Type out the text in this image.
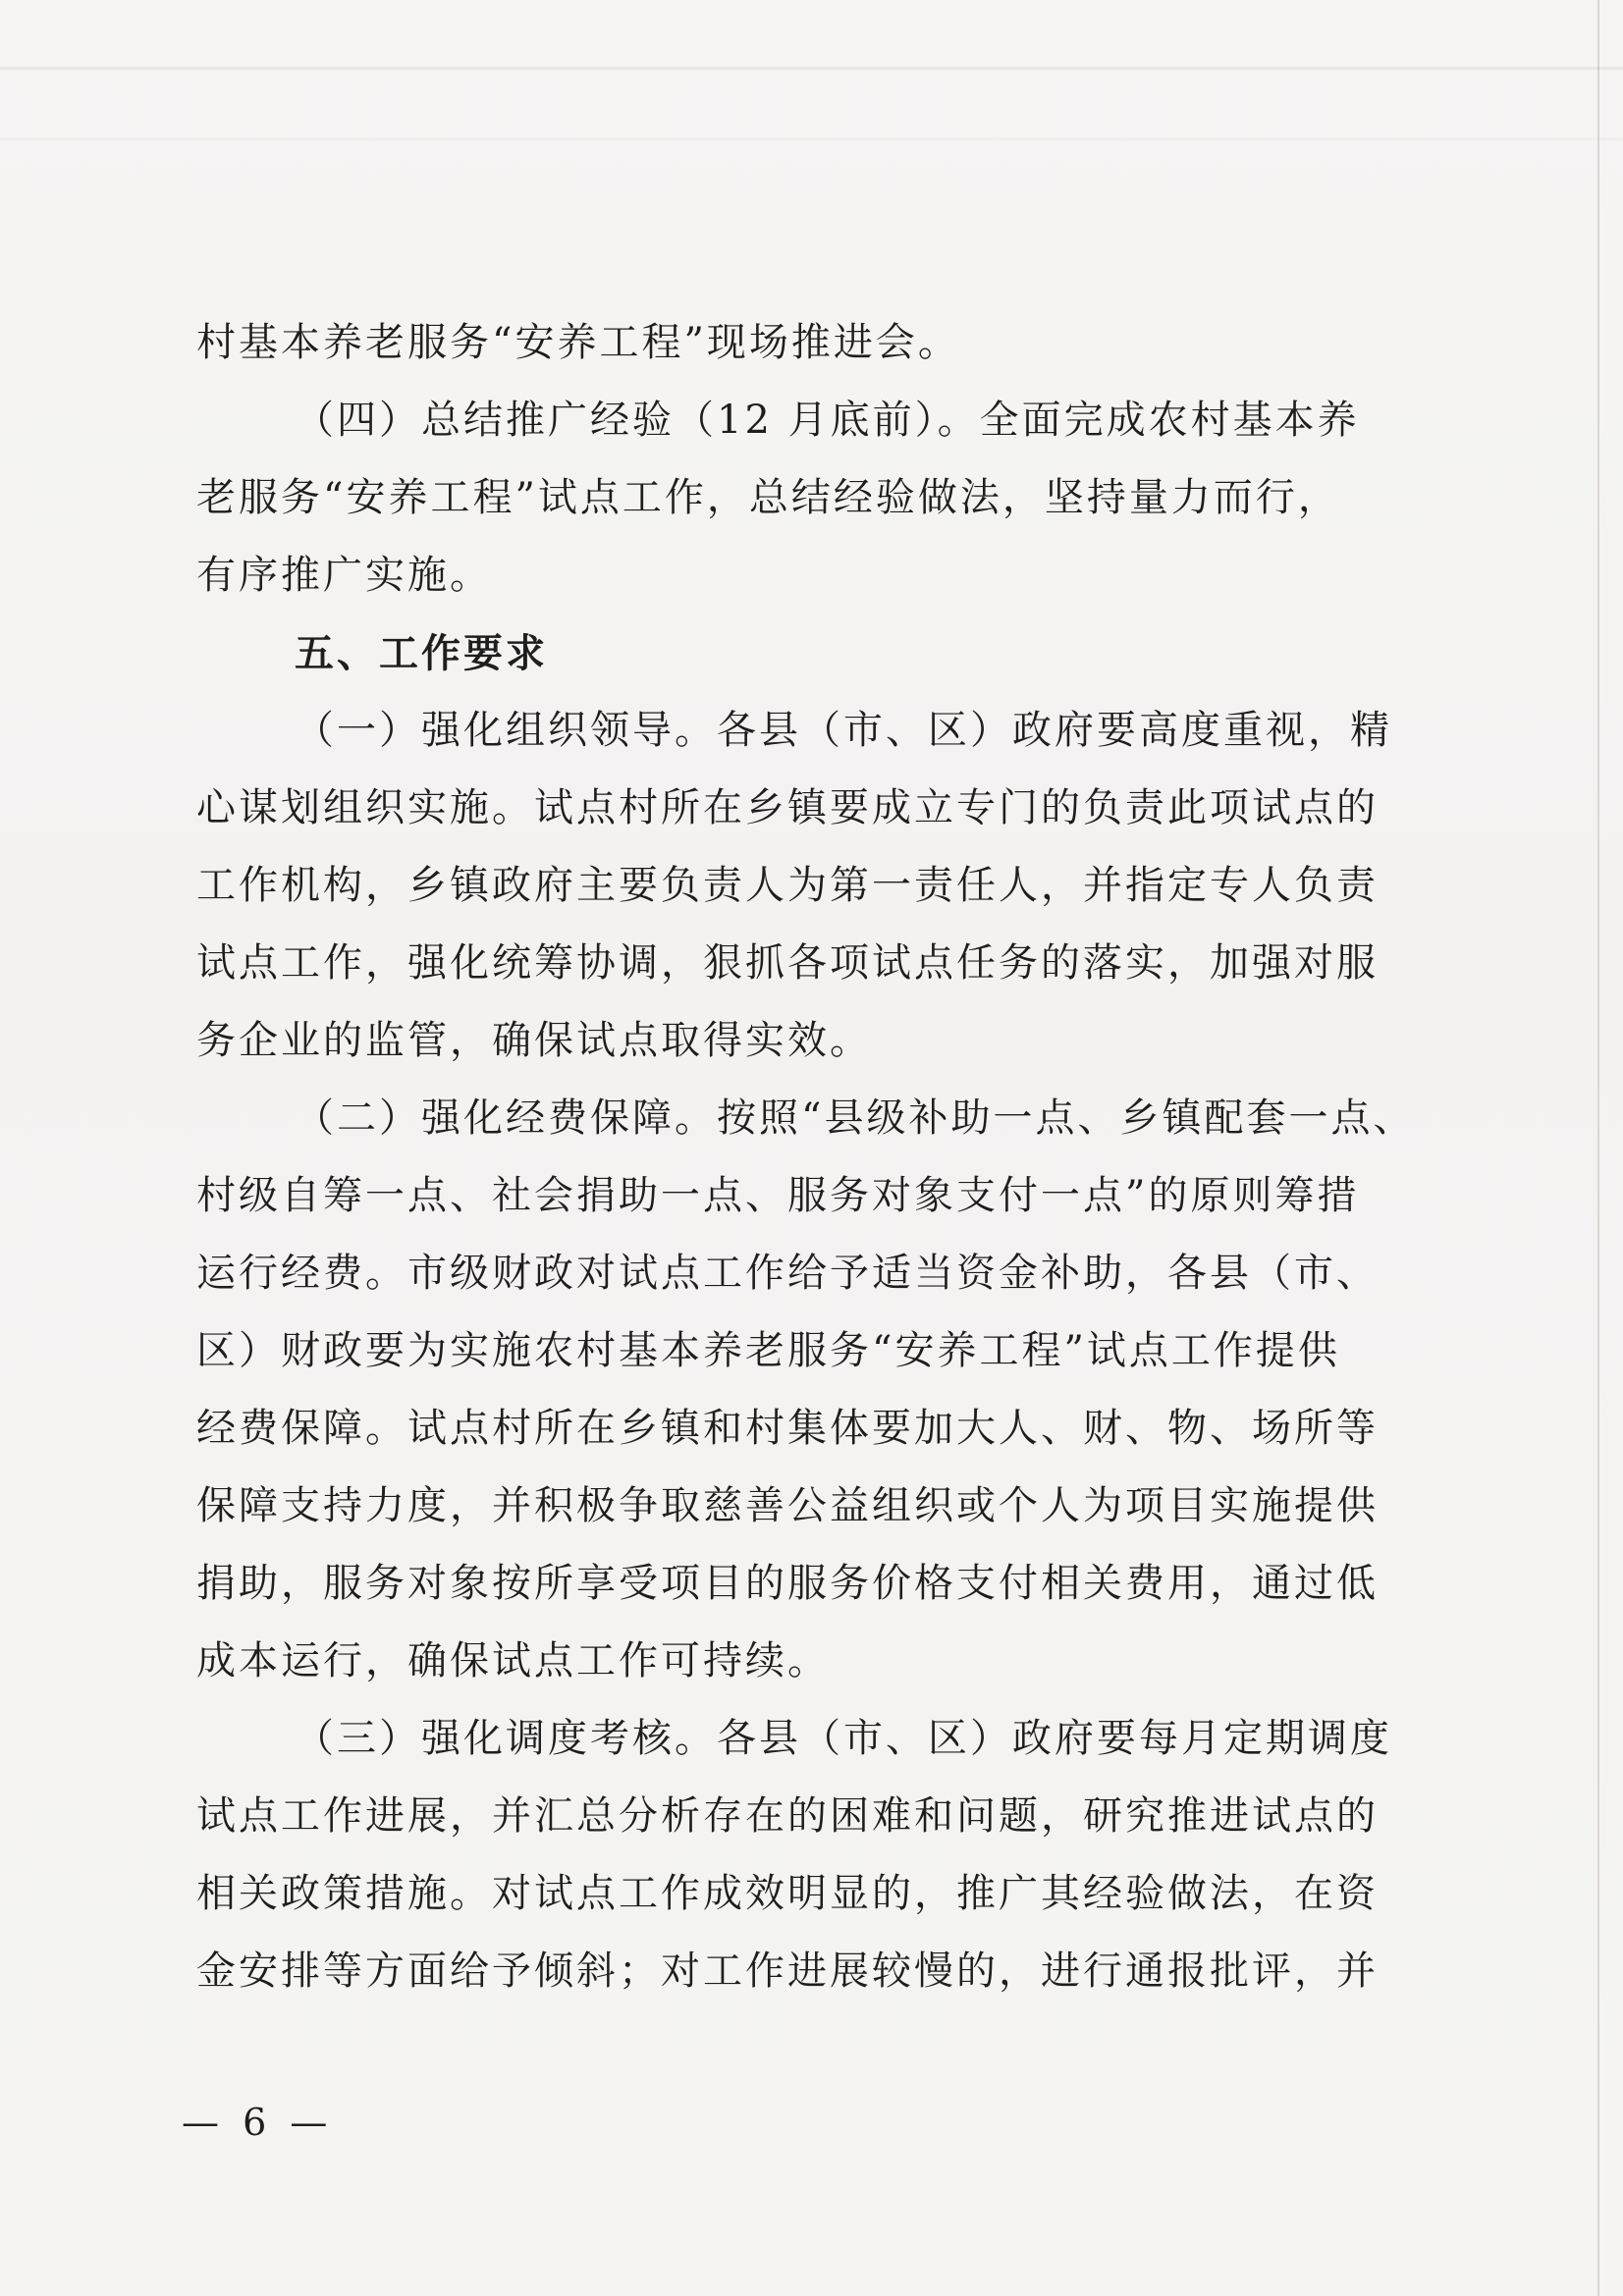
村基本养老服务“安养工程”现场推进会。
（四）总结推广经验（12 月底前）。全面完成农村基本养
老服务“安养工程”试点工作，总结经验做法，坚持量力而行，
有序推广实施。
五、工作要求
（一）强化组织领导。各县（市、区）政府要高度重视，精
心谋划组织实施。试点村所在乡镇要成立专门的负责此项试点的
工作机构，乡镇政府主要负责人为第一责任人，并指定专人负责
试点工作，强化统筹协调，狠抓各项试点任务的落实，加强对服
务企业的监管，确保试点取得实效。
（二）强化经费保障。按照“县级补助一点、乡镇配套一点、
村级自筹一点、社会捐助一点、服务对象支付一点”的原则筹措
运行经费。市级财政对试点工作给予适当资金补助，各县（市、
区）财政要为实施农村基本养老服务“安养工程”试点工作提供
经费保障。试点村所在乡镇和村集体要加大人、财、物、场所等
保障支持力度，并积极争取慈善公益组织或个人为项目实施提供
捐助，服务对象按所享受项目的服务价格支付相关费用，通过低
成本运行，确保试点工作可持续。
（三）强化调度考核。各县（市、区）政府要每月定期调度
试点工作进展，并汇总分析存在的困难和问题，研究推进试点的
相关政策措施。对试点工作成效明显的，推广其经验做法，在资
金安排等方面给予倾斜；对工作进展较慢的，进行通报批评，并
— 6 —
